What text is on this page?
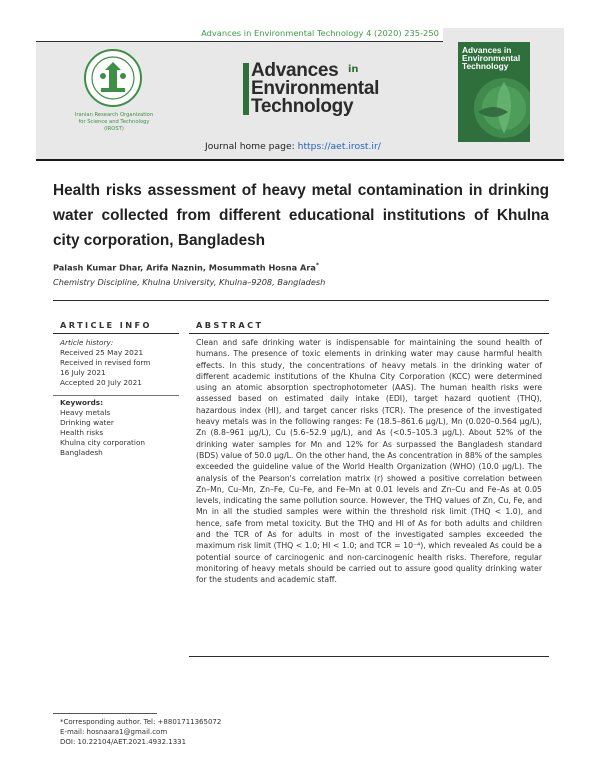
Advances in Environmental Technology 4 (2020) 235-250
Iranian Research Organization
for Science and Technology
(IROST)
Advances
Environmental
Technology
in
Journal home page: https://aet.irost.ir/
Advances in
Environmental
Technology
Health risks assessment of heavy metal contamination in drinking water collected from different educational institutions of Khulna city corporation, Bangladesh
Palash Kumar Dhar, Arifa Naznin, Mosummath Hosna Ara*
Chemistry Discipline, Khulna University, Khulna–9208, Bangladesh
ARTICLE INFO
Article history:
Received 25 May 2021
Received in revised form
16 July 2021
Accepted 20 July 2021
Keywords:
Heavy metals
Drinking water
Health risks
Khulna city corporation
Bangladesh
ABSTRACT
Clean and safe drinking water is indispensable for maintaining the sound health of humans. The presence of toxic elements in drinking water may cause harmful health effects. In this study, the concentrations of heavy metals in the drinking water of different academic institutions of the Khulna City Corporation (KCC) were determined using an atomic absorption spectrophotometer (AAS). The human health risks were assessed based on estimated daily intake (EDI), target hazard quotient (THQ), hazardous index (HI), and target cancer risks (TCR). The presence of the investigated heavy metals was in the following ranges: Fe (18.5–861.6 µg/L), Mn (0.020–0.564 µg/L), Zn (8.8–961 µg/L), Cu (5.6–52.9 µg/L), and As (<0.5–105.3 µg/L). About 52% of the drinking water samples for Mn and 12% for As surpassed the Bangladesh standard (BDS) value of 50.0 µg/L. On the other hand, the As concentration in 88% of the samples exceeded the guideline value of the World Health Organization (WHO) (10.0 µg/L). The analysis of the Pearson's correlation matrix (r) showed a positive correlation between Zn–Mn, Cu–Mn, Zn–Fe, Cu–Fe, and Fe–Mn at 0.01 levels and Zn–Cu and Fe–As at 0.05 levels, indicating the same pollution source. However, the THQ values of Zn, Cu, Fe, and Mn in all the studied samples were within the threshold risk limit (THQ < 1.0), and hence, safe from metal toxicity. But the THQ and HI of As for both adults and children and the TCR of As for adults in most of the investigated samples exceeded the maximum risk limit (THQ < 1.0; HI < 1.0; and TCR = 10⁻⁴), which revealed As could be a potential source of carcinogenic and non-carcinogenic health risks. Therefore, regular monitoring of heavy metals should be carried out to assure good quality drinking water for the students and academic staff.
*Corresponding author. Tel: +8801711365072
E-mail: hosnaara1@gmail.com
DOI: 10.22104/AET.2021.4932.1331
